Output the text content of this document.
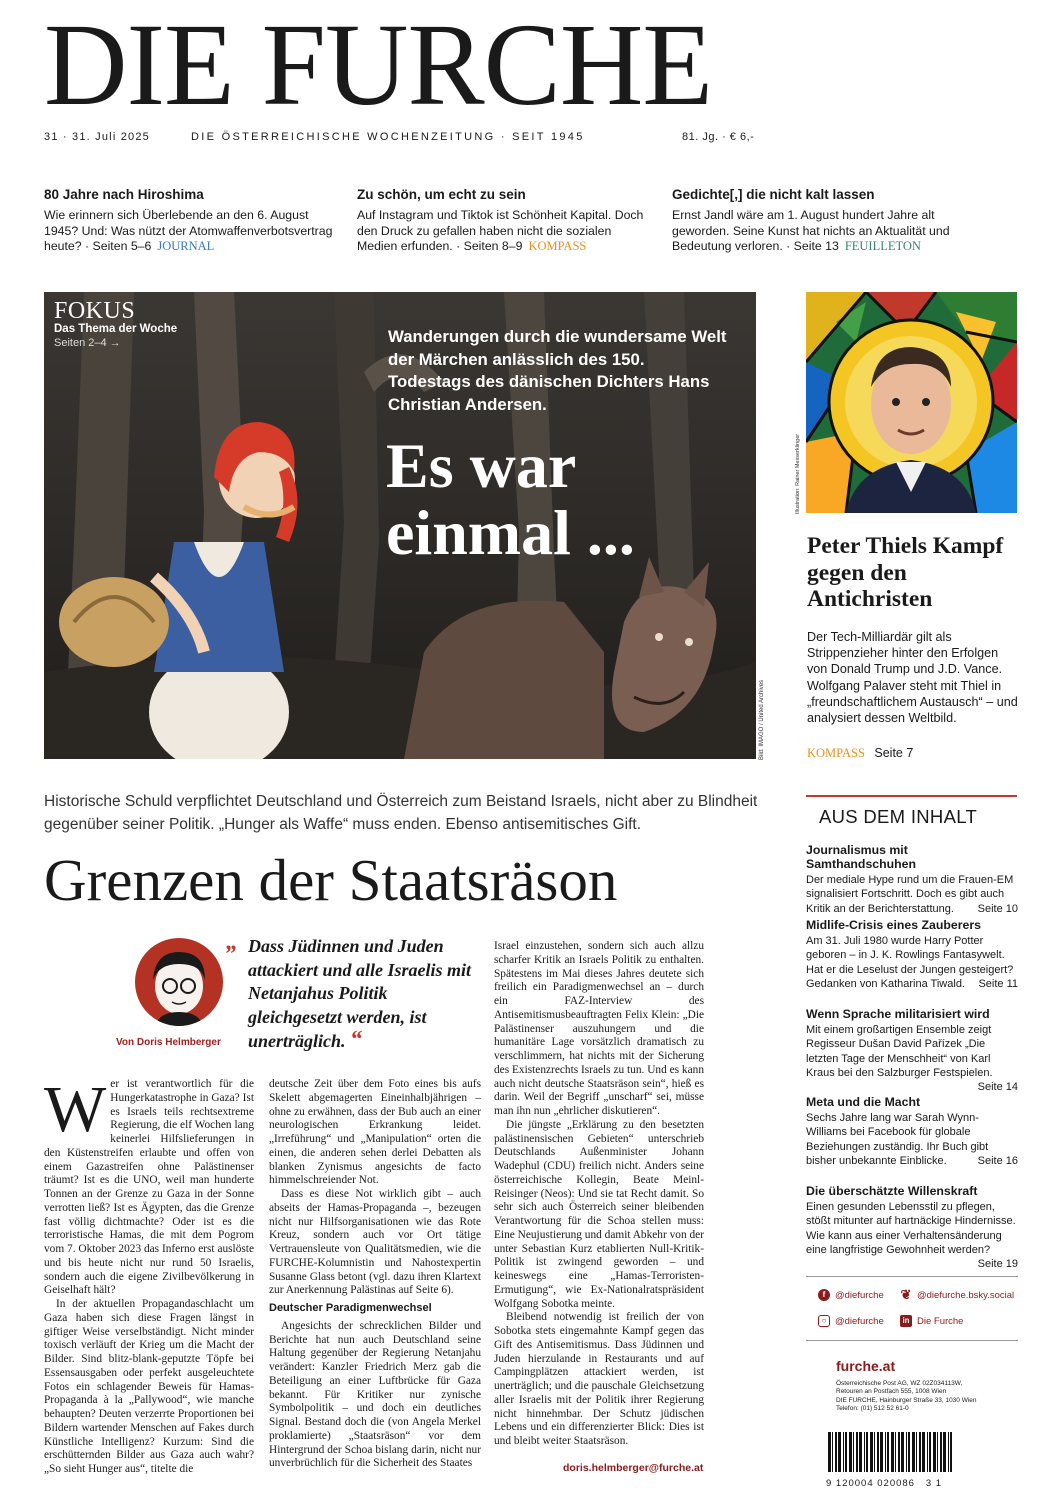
DIE FURCHE
31 · 31. Juli 2025	DIE ÖSTERREICHISCHE WOCHENZEITUNG · SEIT 1945	81. Jg. · € 6,-
80 Jahre nach Hiroshima

Wie erinnern sich Überlebende an den 6. August 1945? Und: Was nützt der Atomwaffenverbotsvertrag heute? · Seiten 5–6 JOURNAL

Zu schön, um echt zu sein

Auf Instagram und Tiktok ist Schönheit Kapital. Doch den Druck zu gefallen haben nicht die sozialen Medien erfunden. · Seiten 8–9 KOMPASS

Gedichte[,] die nicht kalt lassen

Ernst Jandl wäre am 1. August hundert Jahre alt geworden. Seine Kunst hat nichts an Aktualität und Bedeutung verloren. · Seite 13 FEUILLETON

FOKUS
Das Thema der Woche
Seiten 2–4 →	Wanderungen durch die wundersame Welt der Märchen anlässlich des 150. Todestags des dänischen Dichters Hans Christian Andersen.
Es war
einmal ...
Bild: IMAGO / United Archives
Illustration: Rainer Messerklinger
Peter Thiels Kampf gegen den Antichristen
Der Tech-Milliardär gilt als Strippenzieher hinter den Erfolgen von Donald Trump und J.D. Vance. Wolfgang Palaver steht mit Thiel in „freundschaftlichem Austausch“ – und analysiert dessen Weltbild.
KOMPASS Seite 7
AUS DEM INHALT
Journalismus mit Samthandschuhen

Der mediale Hype rund um die Frauen-EM signalisiert Fortschritt. Doch es gibt auch Kritik an der Berichterstattung. Seite 10

Midlife-Crisis eines Zauberers

Am 31. Juli 1980 wurde Harry Potter geboren – in J. K. Rowlings Fantasywelt. Hat er die Leselust der Jungen gesteigert? Gedanken von Katharina Tiwald. Seite 11

Wenn Sprache militarisiert wird

Mit einem großartigen Ensemble zeigt Regisseur Dušan David Pařízek „Die letzten Tage der Menschheit“ von Karl Kraus bei den Salzburger Festspielen.
Seite 14

Meta und die Macht

Sechs Jahre lang war Sarah Wynn-Williams bei Facebook für globale Beziehungen zuständig. Ihr Buch gibt bisher unbekannte Einblicke.	Seite 16

Die überschätzte Willenskraft

Einen gesunden Lebensstil zu pflegen, stößt mitunter auf hartnäckige Hindernisse. Wie kann aus einer Verhaltensänderung eine langfristige Gewohnheit werden?
Seite 19

f	@diefurche ❦ @diefurche.bsky.social
○ @diefurche	in Die Furche
furche.at
Österreichische Post AG, WZ 02Z034113W,
Retouren an Postfach 555, 1008 Wien
DIE FURCHE, Hainburger Straße 33, 1030 Wien
Telefon: (01) 512 52 61-0
9 120004 020086   3 1
Historische Schuld verpflichtet Deutschland und Österreich zum Beistand Israels, nicht aber zu Blindheit gegenüber seiner Politik. „Hunger als Waffe“ muss enden. Ebenso antisemitisches Gift.
Grenzen der Staatsräson
Von Doris Helmberger
„ Dass Jüdinnen und Juden attackiert und alle Israelis mit Netanjahus Politik gleichgesetzt werden, ist unerträglich. “
W er ist verantwortlich für die Hungerkatastrophe in Gaza? Ist es Israels teils rechtsextreme Regierung, die elf Wochen lang keinerlei Hilfslieferungen in den Küstenstreifen erlaubte und offen von einem Gazastreifen ohne Palästinenser träumt? Ist es die UNO, weil man hunderte Tonnen an der Grenze zu Gaza in der Sonne verrotten ließ? Ist es Ägypten, das die Grenze fast völlig dichtmachte? Oder ist es die terroristische Hamas, die mit dem Pogrom vom 7. Oktober 2023 das Inferno erst auslöste und bis heute nicht nur rund 50 Israelis, sondern auch die eigene Zivilbevölkerung in Geiselhaft hält?

In der aktuellen Propagandaschlacht um Gaza haben sich diese Fragen längst in giftiger Weise verselbständigt. Nicht minder toxisch verläuft der Krieg um die Macht der Bilder. Sind blitz-blank-geputzte Töpfe bei Essensausgaben oder perfekt ausgeleuchtete Fotos ein schlagender Beweis für Hamas-Propaganda à la „Pallywood“, wie manche behaupten? Deuten verzerrte Proportionen bei Bildern wartender Menschen auf Fakes durch Künstliche Intelligenz? Kurzum: Sind die erschütternden Bilder aus Gaza auch wahr? „So sieht Hunger aus“, titelte die

deutsche Zeit über dem Foto eines bis aufs Skelett abgemagerten Eineinhalbjährigen – ohne zu erwähnen, dass der Bub auch an einer neurologischen Erkrankung leidet. „Irreführung“ und „Manipulation“ orten die einen, die anderen sehen derlei Debatten als blanken Zynismus angesichts de facto himmelschreiender Not.

Dass es diese Not wirklich gibt – auch abseits der Hamas-Propaganda –, bezeugen nicht nur Hilfsorganisationen wie das Rote Kreuz, sondern auch vor Ort tätige Vertrauensleute von Qualitätsmedien, wie die FURCHE-Kolumnistin und Nahostexpertin Susanne Glass betont (vgl. dazu ihren Klartext zur Anerkennung Palästinas auf Seite 6).

Deutscher Paradigmenwechsel

Angesichts der schrecklichen Bilder und Berichte hat nun auch Deutschland seine Haltung gegenüber der Regierung Netanjahu verändert: Kanzler Friedrich Merz gab die Beteiligung an einer Luftbrücke für Gaza bekannt. Für Kritiker nur zynische Symbolpolitik – und doch ein deutliches Signal. Bestand doch die (von Angela Merkel proklamierte) „Staatsräson“ vor dem Hintergrund der Schoa bislang darin, nicht nur unverbrüchlich für die Sicherheit des Staates

Israel einzustehen, sondern sich auch allzu scharfer Kritik an Israels Politik zu enthalten. Spätestens im Mai dieses Jahres deutete sich freilich ein Paradigmenwechsel an – durch ein FAZ-Interview des Antisemitismusbeauftragten Felix Klein: „Die Palästinenser auszuhungern und die humanitäre Lage vorsätzlich dramatisch zu verschlimmern, hat nichts mit der Sicherung des Existenzrechts Israels zu tun. Und es kann auch nicht deutsche Staatsräson sein“, hieß es darin. Weil der Begriff „unscharf“ sei, müsse man ihn nun „ehrlicher diskutieren“.

Die jüngste „Erklärung zu den besetzten palästinensischen Gebieten“ unterschrieb Deutschlands Außenminister Johann Wadephul (CDU) freilich nicht. Anders seine österreichische Kollegin, Beate Meinl-Reisinger (Neos): Und sie tat Recht damit. So sehr sich auch Österreich seiner bleibenden Verantwortung für die Schoa stellen muss: Eine Neujustierung und damit Abkehr von der unter Sebastian Kurz etablierten Null-Kritik-Politik ist zwingend geworden – und keineswegs eine „Hamas-Terroristen-Ermutigung“, wie Ex-Nationalratspräsident Wolfgang Sobotka meinte.

Bleibend notwendig ist freilich der von Sobotka stets eingemahnte Kampf gegen das Gift des Antisemitismus. Dass Jüdinnen und Juden hierzulande in Restaurants und auf Campingplätzen attackiert werden, ist unerträglich; und die pauschale Gleichsetzung aller Israelis mit der Politik ihrer Regierung nicht hinnehmbar. Der Schutz jüdischen Lebens und ein differenzierter Blick: Dies ist und bleibt weiter Staatsräson.

doris.helmberger@furche.at
